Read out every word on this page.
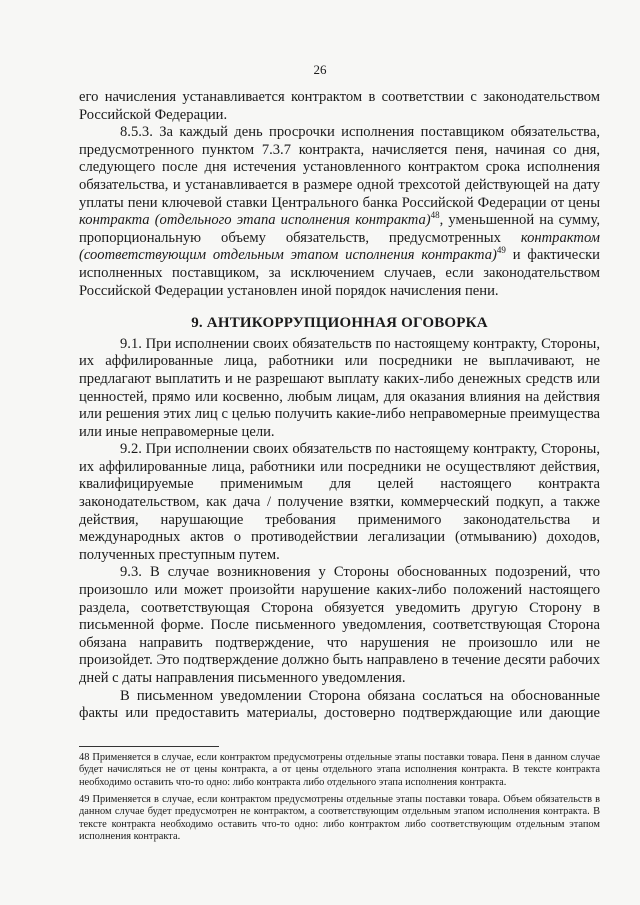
26

его начисления устанавливается контрактом в соответствии с законодательством Российской Федерации.

8.5.3. За каждый день просрочки исполнения поставщиком обязательства, предусмотренного пунктом 7.3.7 контракта, начисляется пеня, начиная со дня, следующего после дня истечения установленного контрактом срока исполнения обязательства, и устанавливается в размере одной трехсотой действующей на дату уплаты пени ключевой ставки Центрального банка Российской Федерации от цены контракта (отдельного этапа исполнения контракта)$^{48}$, уменьшенной на сумму, пропорциональную объему обязательств, предусмотренных контрактом (соответствующим отдельным этапом исполнения контракта)$^{49}$ и фактически исполненных поставщиком, за исключением случаев, если законодательством Российской Федерации установлен иной порядок начисления пени.

9. АНТИКОРРУПЦИОННАЯ ОГОВОРКА

9.1. При исполнении своих обязательств по настоящему контракту, Стороны, их аффилированные лица, работники или посредники не выплачивают, не предлагают выплатить и не разрешают выплату каких-либо денежных средств или ценностей, прямо или косвенно, любым лицам, для оказания влияния на действия или решения этих лиц с целью получить какие-либо неправомерные преимущества или иные неправомерные цели.

9.2. При исполнении своих обязательств по настоящему контракту, Стороны, их аффилированные лица, работники или посредники не осуществляют действия, квалифицируемые применимым для целей настоящего контракта законодательством, как дача / получение взятки, коммерческий подкуп, а также действия, нарушающие требования применимого законодательства и международных актов о противодействии легализации (отмыванию) доходов, полученных преступным путем.

9.3. В случае возникновения у Стороны обоснованных подозрений, что произошло или может произойти нарушение каких-либо положений настоящего раздела, соответствующая Сторона обязуется уведомить другую Сторону в письменной форме. После письменного уведомления, соответствующая Сторона обязана направить подтверждение, что нарушения не произошло или не произойдет. Это подтверждение должно быть направлено в течение десяти рабочих дней с даты направления письменного уведомления.

В письменном уведомлении Сторона обязана сослаться на обоснованные факты или предоставить материалы, достоверно подтверждающие или дающие

48 Применяется в случае, если контрактом предусмотрены отдельные этапы поставки товара. Пеня в данном случае будет начисляться не от цены контракта, а от цены отдельного этапа исполнения контракта. В тексте контракта необходимо оставить что-то одно: либо контракта либо отдельного этапа исполнения контракта.
49 Применяется в случае, если контрактом предусмотрены отдельные этапы поставки товара. Объем обязательств в данном случае будет предусмотрен не контрактом, а соответствующим отдельным этапом исполнения контракта. В тексте контракта необходимо оставить что-то одно: либо контрактом либо соответствующим отдельным этапом исполнения контракта.
